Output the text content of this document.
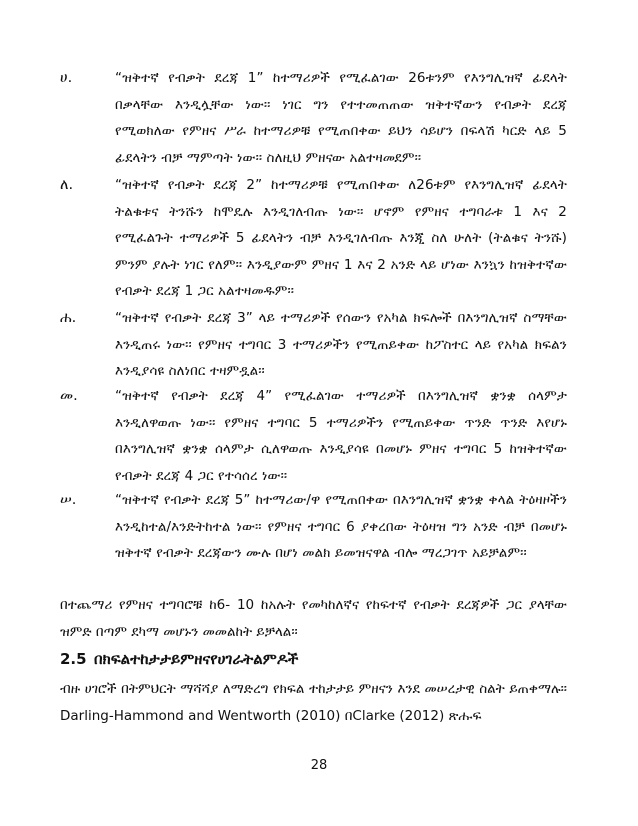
ሀ.	“ዝቅተኛ የብቃት ደረጃ 1” ከተማሪዎች የሚፈልገው 26ቱንም የእንግሊዝኛ ፊደላት በቃላቸው እንዲሏቸው ነው፡፡ ነገር ግን የተተመጠጠው ዝቅተኛውን የብቃት ደረጃ የሚወክለው የምዘና ሥራ ከተማሪዎቹ የሚጠበቀው ይህን ሳይሆን በፍላሽ ካርድ ላይ 5 ፊደላትን ብቻ ማምጣት ነው፡፡ ስለዚህ ምዘናው አልተዛመደም፡፡
ለ.	“ዝቅተኛ የብቃት ደረጃ 2” ከተማሪዎቹ የሚጠበቀው ለ26ቱም የእንግሊዝኛ ፊደላት ትልቁቱና ትንሹን ከሞዴሉ እንዲገለብጡ ነው፡፡ ሆኖም የምዘና ተግባራቱ 1 እና 2 የሚፈልጉት ተማሪዎች 5 ፊደላትን ብቻ እንዲገለብጡ እንጂ ስለ ሁለት (ትልቁና ትንሹ) ምንም ያሉት ነገር የለም፡፡ እንዲያውም ምዘና 1 እና 2 አንድ ላይ ሆነው እንኳን ከዝቅተኛው የብቃት ደረጃ 1 ጋር አልተዛመዱም፡፡
ሐ.	“ዝቅተኛ የብቃት ደረጃ 3” ላይ ተማሪዎች የሰውን የአካል ክፍሎች በእንግሊዝኛ ስማቸው እንዲጠሩ ነው፡፡ የምዘና ተግባር 3 ተማሪዎችን የሚጠይቀው ከፖስተር ላይ የአካል ክፍልን እንዲያሳዩ ስለነበር ተዛምዷል፡፡
መ.	“ዝቅተኛ የብቃት ደረጃ 4” የሚፈልገው ተማሪዎች በእንግሊዝኛ ቋንቋ ሰላምታ እንዲለዋወጡ ነው፡፡ የምዘና ተግባር 5 ተማሪዎችን የሚጠይቀው ጥንድ ጥንድ እየሆኑ በእንግሊዝኛ ቋንቋ ሰላምታ ሲለዋወጡ እንዲያሳዩ በመሆኑ ምዘና ተግባር 5 ከዝቅተኛው የብቃት ደረጃ 4 ጋር የተሳሰረ ነው፡፡
ሠ.	“ዝቅተኛ የብቃት ደረጃ 5” ከተማሪው/ዋ የሚጠበቀው በእንግሊዝኛ ቋንቋ ቀላል ትዕዛዞችን እንዲከተል/እንድትከተል ነው፡፡ የምዘና ተግባር 6 ያቀረበው ትዕዛዝ ግን አንድ ብቻ በመሆኑ ዝቅተኛ የብቃት ደረጃውን ሙሉ በሆነ መልክ ይመዝናዋል ብሎ ማረጋገጥ አይቻልም፡፡
በተጨማሪ የምዘና ተግባሮቹ ከ6- 10 ከአሉት የመካከለኛና የከፍተኛ የብቃት ደረጃዎች ጋር ያላቸው ዝምድ በጣም ደካማ መሆኑን መመልከት ይቻላል፡፡
2.5 በክፍልተከታታይምዘናየሀገራትልምዶች
ብዙ ሀገሮች በትምህርት ማሻሻያ ለማድረግ የክፍል ተከታታይ ምዘናን እንደ መሠረታዊ ስልት ይጠቀማሉ፡፡Darling-Hammond and Wentworth (2010) በClarke (2012) ጽሑፍ
28
